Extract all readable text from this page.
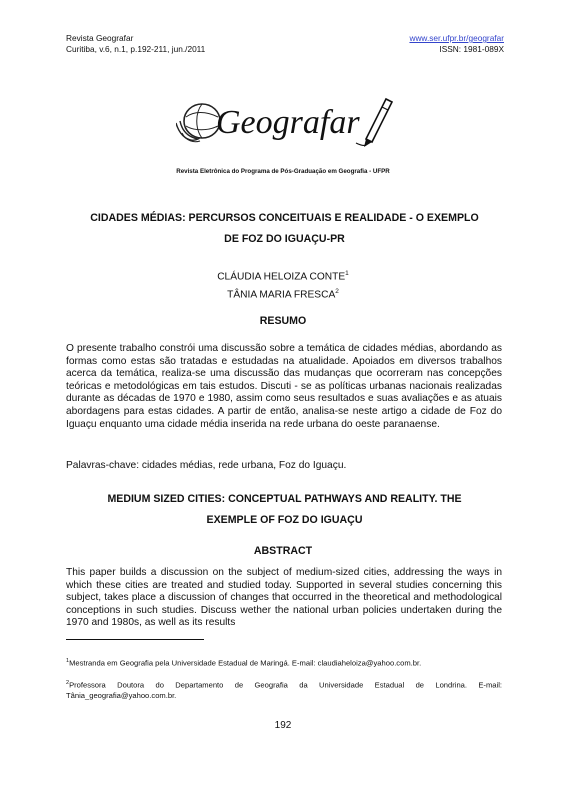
Revista Geografar
Curitiba, v.6, n.1, p.192-211, jun./2011
www.ser.ufpr.br/geografar
ISSN: 1981-089X
Geografar
Revista Eletrônica do Programa de Pós-Graduação em Geografia - UFPR
CIDADES MÉDIAS: PERCURSOS CONCEITUAIS E REALIDADE - O EXEMPLO
DE FOZ DO IGUAÇU-PR
CLÁUDIA HELOIZA CONTE$^1$
TÂNIA MARIA FRESCA$^2$
RESUMO
O presente trabalho constrói uma discussão sobre a temática de cidades médias, abordando as formas como estas são tratadas e estudadas na atualidade. Apoiados em diversos trabalhos acerca da temática, realiza-se uma discussão das mudanças que ocorreram nas concepções teóricas e metodológicas em tais estudos. Discuti - se as políticas urbanas nacionais realizadas durante as décadas de 1970 e 1980, assim como seus resultados e suas avaliações e as atuais abordagens para estas cidades. A partir de então, analisa-se neste artigo a cidade de Foz do Iguaçu enquanto uma cidade média inserida na rede urbana do oeste paranaense.
Palavras-chave: cidades médias, rede urbana, Foz do Iguaçu.
MEDIUM SIZED CITIES: CONCEPTUAL PATHWAYS AND REALITY. THE
EXEMPLE OF FOZ DO IGUAÇU
ABSTRACT
This paper builds a discussion on the subject of medium-sized cities, addressing the ways in which these cities are treated and studied today. Supported in several studies concerning this subject, takes place a discussion of changes that occurred in the theoretical and methodological conceptions in such studies. Discuss wether the national urban policies undertaken during the 1970 and 1980s, as well as its results
$^1$Mestranda em Geografia pela Universidade Estadual de Maringá. E-mail: claudiaheloiza@yahoo.com.br.
$^2$Professora Doutora do Departamento de Geografia da Universidade Estadual de Londrina. E-mail: Tânia_geografia@yahoo.com.br.
192
